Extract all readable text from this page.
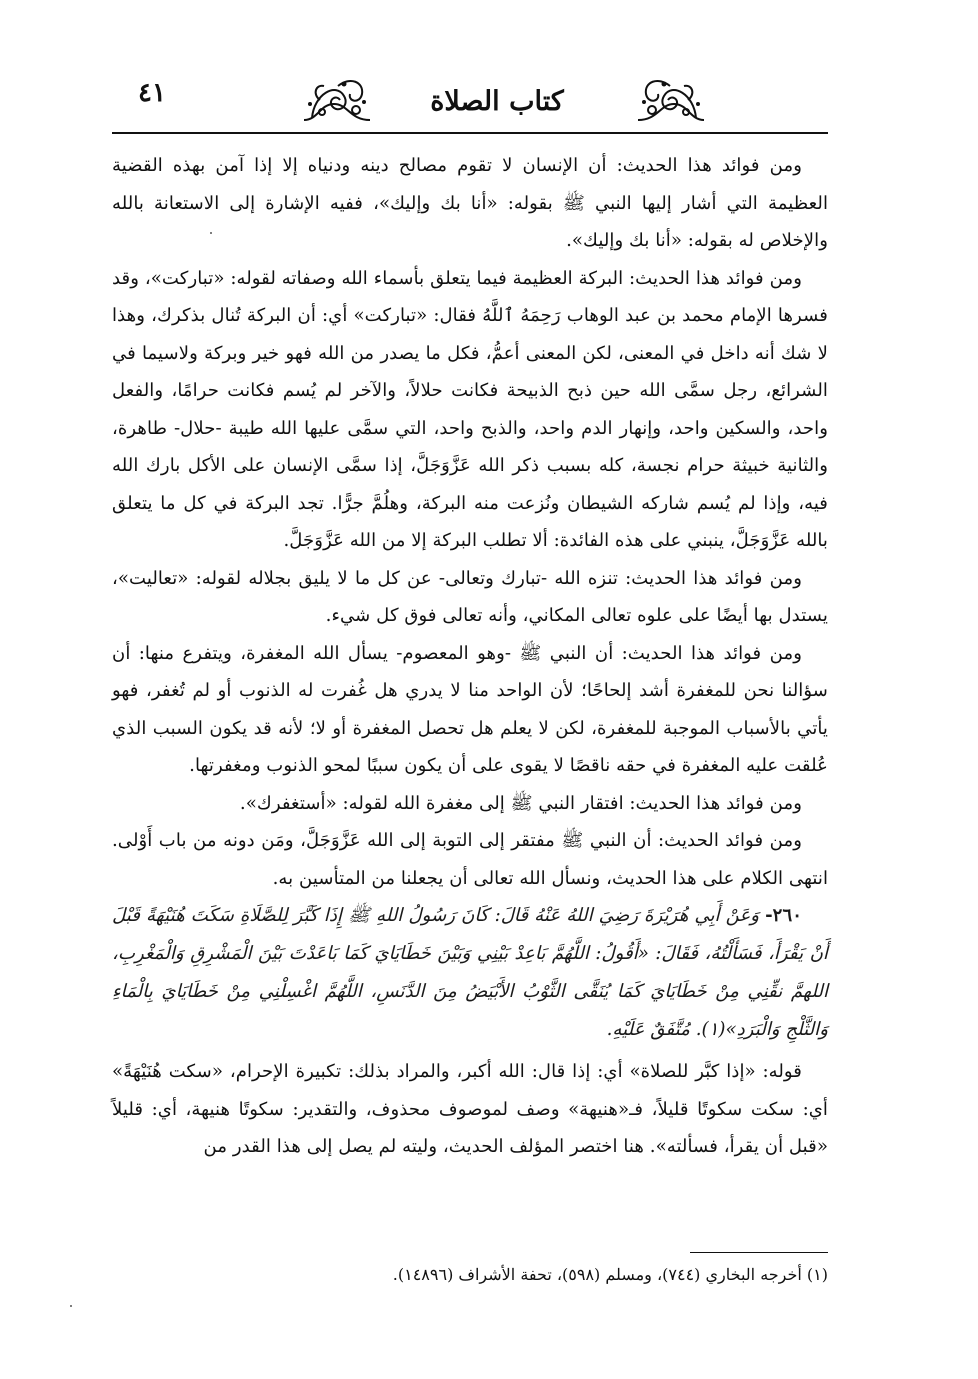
٤١	كتاب الصلاة

ومن فوائد هذا الحديث: أن الإنسان لا تقوم مصالح دينه ودنياه إلا إذا آمن بهذه القضية العظيمة التي أشار إليها النبي ﷺ بقوله: «أنا بك وإليك»، ففيه الإشارة إلى الاستعانة بالله والإخلاص له بقوله: «أنا بك وإليك».

ومن فوائد هذا الحديث: البركة العظيمة فيما يتعلق بأسماء الله وصفاته لقوله: «تباركت»، وقد فسرها الإمام محمد بن عبد الوهاب رَحِمَهُ ٱللَّهُ فقال: «تباركت» أي: أن البركة تُنال بذكرك، وهذا لا شك أنه داخل في المعنى، لكن المعنى أعمُّ، فكل ما يصدر من الله فهو خير وبركة ولاسيما في الشرائع، رجل سمَّى الله حين ذبح الذبيحة فكانت حلالاً، والآخر لم يُسم فكانت حرامًا، والفعل واحد، والسكين واحد، وإنهار الدم واحد، والذبح واحد، التي سمَّى عليها الله طيبة -حلال- طاهرة، والثانية خبيثة حرام نجسة، كله بسبب ذكر الله عَزَّوَجَلَّ، إذا سمَّى الإنسان على الأكل بارك الله فيه، وإذا لم يُسم شاركه الشيطان ونُزعت منه البركة، وهلُمَّ جرًّا. تجد البركة في كل ما يتعلق بالله عَزَّوَجَلَّ، ينبني على هذه الفائدة: ألا تطلب البركة إلا من الله عَزَّوَجَلَّ.

ومن فوائد هذا الحديث: تنزه الله -تبارك وتعالى- عن كل ما لا يليق بجلاله لقوله: «تعاليت»، يستدل بها أيضًا على علوه تعالى المكاني، وأنه تعالى فوق كل شيء.

ومن فوائد هذا الحديث: أن النبي ﷺ -وهو المعصوم- يسأل الله المغفرة، ويتفرع منها: أن سؤالنا نحن للمغفرة أشد إلحاحًا؛ لأن الواحد منا لا يدري هل غُفرت له الذنوب أو لم تُغفر، فهو يأتي بالأسباب الموجبة للمغفرة، لكن لا يعلم هل تحصل المغفرة أو لا؛ لأنه قد يكون السبب الذي عُلقت عليه المغفرة في حقه ناقصًا لا يقوى على أن يكون سببًا لمحو الذنوب ومغفرتها.

ومن فوائد هذا الحديث: افتقار النبي ﷺ إلى مغفرة الله لقوله: «أستغفرك».

ومن فوائد الحديث: أن النبي ﷺ مفتقر إلى التوبة إلى الله عَزَّوَجَلَّ، ومَن دونه من باب أَوْلى. انتهى الكلام على هذا الحديث، ونسأل الله تعالى أن يجعلنا من المتأسين به.

٢٦٠- وَعَنْ أَبِي هُرَيْرَةَ رَضِيَ اللهُ عَنْهُ قَالَ: كَانَ رَسُولُ اللهِ ﷺ إِذَا كَبَّرَ لِلصَّلَاةِ سَكَتَ هُنَيْهَةً قَبْلَ أَنْ يَقْرَأَ، فَسَأَلْتُهُ، فَقَالَ: «أَقُولُ: اللَّهُمَّ بَاعِدْ بَيْنِي وَبَيْنَ خَطَايَايَ كَمَا بَاعَدْتَ بَيْنَ الْمَشْرِقِ وَالْمَغْرِبِ، اللهمَّ نقِّنِي مِنْ خَطَايَايَ كَمَا يُنَقَّى الثَّوْبُ الأَبْيَضُ مِنَ الدَّنَسِ، اللَّهُمَّ اغْسِلْنِي مِنْ خَطَايَايَ بِالْمَاءِ وَالثَّلْجِ وَالْبَرَدِ»(١). مُتَّفَقٌ عَلَيْهِ.

قوله: «إذا كبَّر للصلاة» أي: إذا قال: الله أكبر، والمراد بذلك: تكبيرة الإحرام، «سكت هُنَيْهَةً» أي: سكت سكوتًا قليلاً، فـ«هنيهة» وصف لموصوف محذوف، والتقدير: سكوتًا هنيهة، أي: قليلاً «قبل أن يقرأ، فسألته». هنا اختصر المؤلف الحديث، وليته لم يصل إلى هذا القدر من

(١) أخرجه البخاري (٧٤٤)، ومسلم (٥٩٨)، تحفة الأشراف (١٤٨٩٦).
